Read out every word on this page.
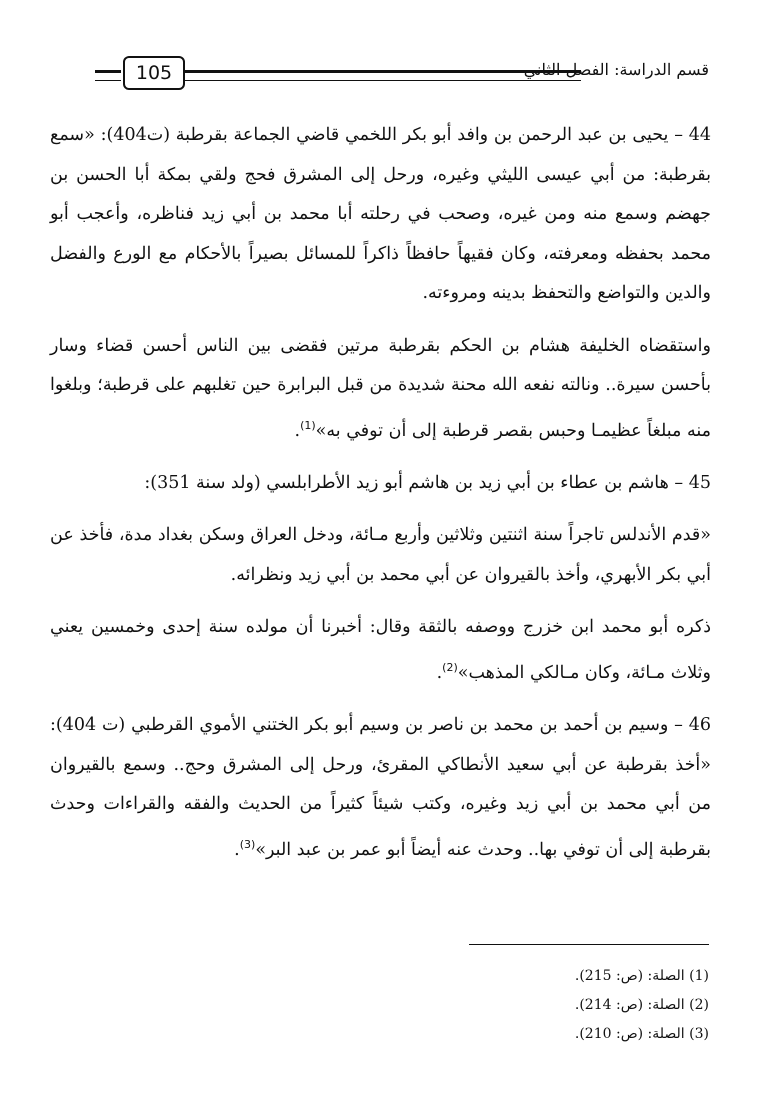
105	قسم الدراسة: الفصل الثاني

44 – يحيى بن عبد الرحمن بن وافد أبو بكر اللخمي قاضي الجماعة بقرطبة (ت404): «سمع بقرطبة: من أبي عيسى الليثي وغيره، ورحل إلى المشرق فحج ولقي بمكة أبا الحسن بن جهضم وسمع منه ومن غيره، وصحب في رحلته أبا محمد بن أبي زيد فناظره، وأعجب أبو محمد بحفظه ومعرفته، وكان فقيهاً حافظاً ذاكراً للمسائل بصيراً بالأحكام مع الورع والفضل والدين والتواضع والتحفظ بدينه ومروءته.

واستقضاه الخليفة هشام بن الحكم بقرطبة مرتين فقضى بين الناس أحسن قضاء وسار بأحسن سيرة.. ونالته نفعه الله محنة شديدة من قبل البرابرة حين تغلبهم على قرطبة؛ وبلغوا منه مبلغاً عظيمـا وحبس بقصر قرطبة إلى أن توفي به»$^{(1)}$.

45 – هاشم بن عطاء بن أبي زيد بن هاشم أبو زيد الأطرابلسي (ولد سنة 351):

«قدم الأندلس تاجراً سنة اثنتين وثلاثين وأربع مـائة، ودخل العراق وسكن بغداد مدة، فأخذ عن أبي بكر الأبهري، وأخذ بالقيروان عن أبي محمد بن أبي زيد ونظرائه.

ذكره أبو محمد ابن خزرج ووصفه بالثقة وقال: أخبرنا أن مولده سنة إحدى وخمسين يعني وثلاث مـائة، وكان مـالكي المذهب»$^{(2)}$.

46 – وسيم بن أحمد بن محمد بن ناصر بن وسيم أبو بكر الختني الأموي القرطبي (ت 404): «أخذ بقرطبة عن أبي سعيد الأنطاكي المقرئ، ورحل إلى المشرق وحج.. وسمع بالقيروان من أبي محمد بن أبي زيد وغيره، وكتب شيئاً كثيراً من الحديث والفقه والقراءات وحدث بقرطبة إلى أن توفي بها.. وحدث عنه أيضاً أبو عمر بن عبد البر»$^{(3)}$.

(1) الصلة: (ص: 215).
(2) الصلة: (ص: 214).
(3) الصلة: (ص: 210).
